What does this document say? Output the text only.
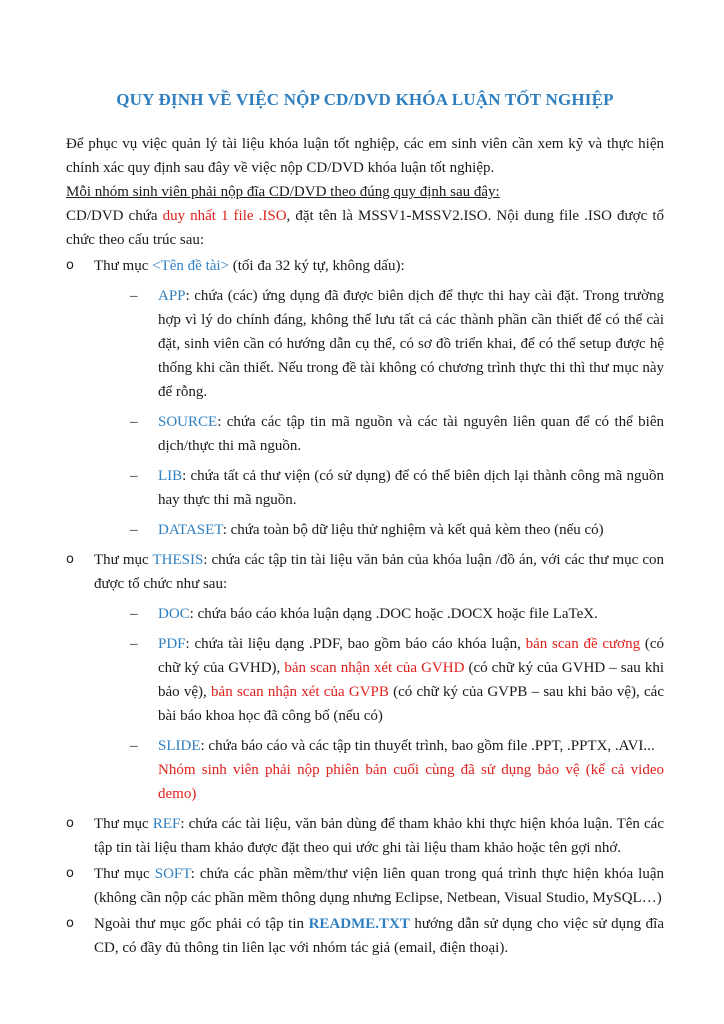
QUY ĐỊNH VỀ VIỆC NỘP CD/DVD KHÓA LUẬN TỐT NGHIỆP

Để phục vụ việc quản lý tài liệu khóa luận tốt nghiệp, các em sinh viên cần xem kỹ và thực hiện chính xác quy định sau đây về việc nộp CD/DVD khóa luận tốt nghiệp.

Mỗi nhóm sinh viên phải nộp đĩa CD/DVD theo đúng quy định sau đây:

CD/DVD chứa duy nhất 1 file .ISO, đặt tên là MSSV1-MSSV2.ISO. Nội dung file .ISO được tổ chức theo cấu trúc sau:

o Thư mục <Tên đề tài> (tối đa 32 ký tự, không dấu):
– APP: chứa (các) ứng dụng đã được biên dịch để thực thi hay cài đặt. Trong trường hợp vì lý do chính đáng, không thể lưu tất cả các thành phần cần thiết để có thể cài đặt, sinh viên cần có hướng dẫn cụ thể, có sơ đồ triển khai, để có thể setup được hệ thống khi cần thiết. Nếu trong đề tài không có chương trình thực thi thì thư mục này để rỗng.
– SOURCE: chứa các tập tin mã nguồn và các tài nguyên liên quan để có thể biên dịch/thực thi mã nguồn.
– LIB: chứa tất cả thư viện (có sử dụng) để có thể biên dịch lại thành công mã nguồn hay thực thi mã nguồn.
– DATASET: chứa toàn bộ dữ liệu thử nghiệm và kết quả kèm theo (nếu có)
o Thư mục THESIS: chứa các tập tin tài liệu văn bản của khóa luận /đồ án, với các thư mục con được tổ chức như sau:
– DOC: chứa báo cáo khóa luận dạng .DOC hoặc .DOCX hoặc file LaTeX.
– PDF: chứa tài liệu dạng .PDF, bao gồm báo cáo khóa luận, bản scan đề cương (có chữ ký của GVHD), bản scan nhận xét của GVHD (có chữ ký của GVHD – sau khi bảo vệ), bản scan nhận xét của GVPB (có chữ ký của GVPB – sau khi bảo vệ), các bài báo khoa học đã công bố (nếu có)
– SLIDE: chứa báo cáo và các tập tin thuyết trình, bao gồm file .PPT, .PPTX, .AVI...
Nhóm sinh viên phải nộp phiên bản cuối cùng đã sử dụng bảo vệ (kể cả video demo)
o Thư mục REF: chứa các tài liệu, văn bản dùng để tham khảo khi thực hiện khóa luận. Tên các tập tin tài liệu tham khảo được đặt theo qui ước ghi tài liệu tham khảo hoặc tên gợi nhớ.
o Thư mục SOFT: chứa các phần mềm/thư viện liên quan trong quá trình thực hiện khóa luận (không cần nộp các phần mềm thông dụng nhưng Eclipse, Netbean, Visual Studio, MySQL…)
o Ngoài thư mục gốc phải có tập tin README.TXT hướng dẫn sử dụng cho việc sử dụng đĩa CD, có đầy đủ thông tin liên lạc với nhóm tác giả (email, điện thoại).
